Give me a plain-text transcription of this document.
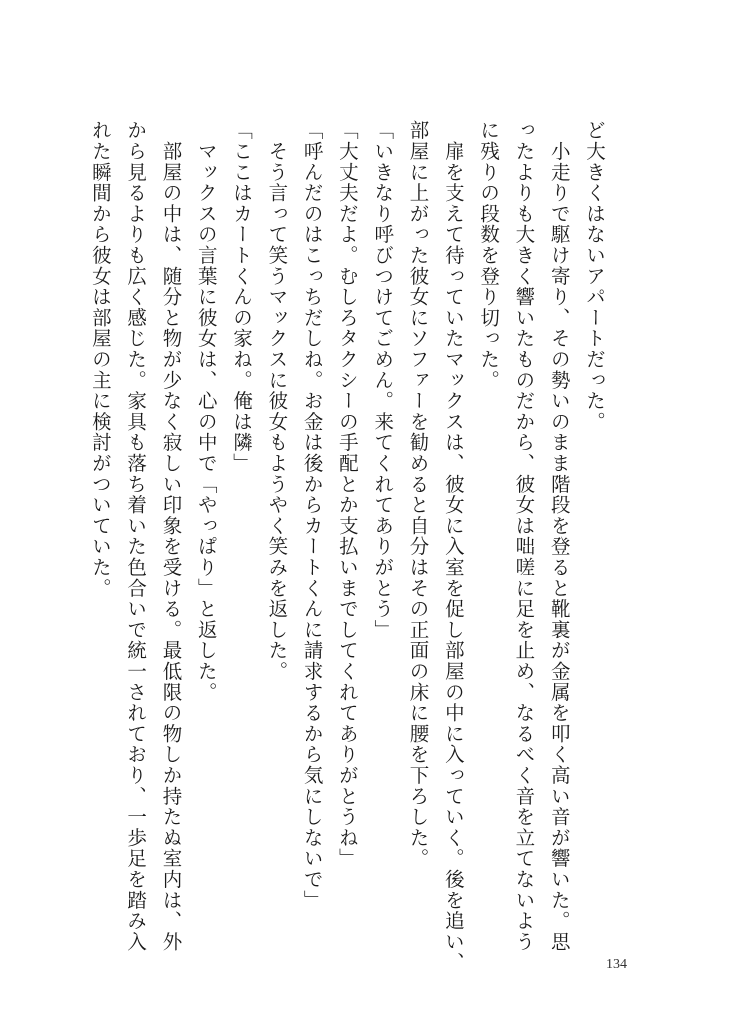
ど大きくはないアパートだった。
　小走りで駆け寄り、その勢いのまま階段を登ると靴裏が金属を叩く高い音が響いた。思
ったよりも大きく響いたものだから、彼女は咄嗟に足を止め、なるべく音を立てないよう
に残りの段数を登り切った。
　扉を支えて待っていたマックスは、彼女に入室を促し部屋の中に入っていく。後を追い、
部屋に上がった彼女にソファーを勧めると自分はその正面の床に腰を下ろした。
「いきなり呼びつけてごめん。来てくれてありがとう」
「大丈夫だよ。むしろタクシーの手配とか支払いまでしてくれてありがとうね」
「呼んだのはこっちだしね。お金は後からカートくんに請求するから気にしないで」
　そう言って笑うマックスに彼女もようやく笑みを返した。
「ここはカートくんの家ね。俺は隣」
　マックスの言葉に彼女は、心の中で「やっぱり」と返した。
　部屋の中は、随分と物が少なく寂しい印象を受ける。最低限の物しか持たぬ室内は、外
から見るよりも広く感じた。家具も落ち着いた色合いで統一されており、一歩足を踏み入
れた瞬間から彼女は部屋の主に検討がついていた。
134
